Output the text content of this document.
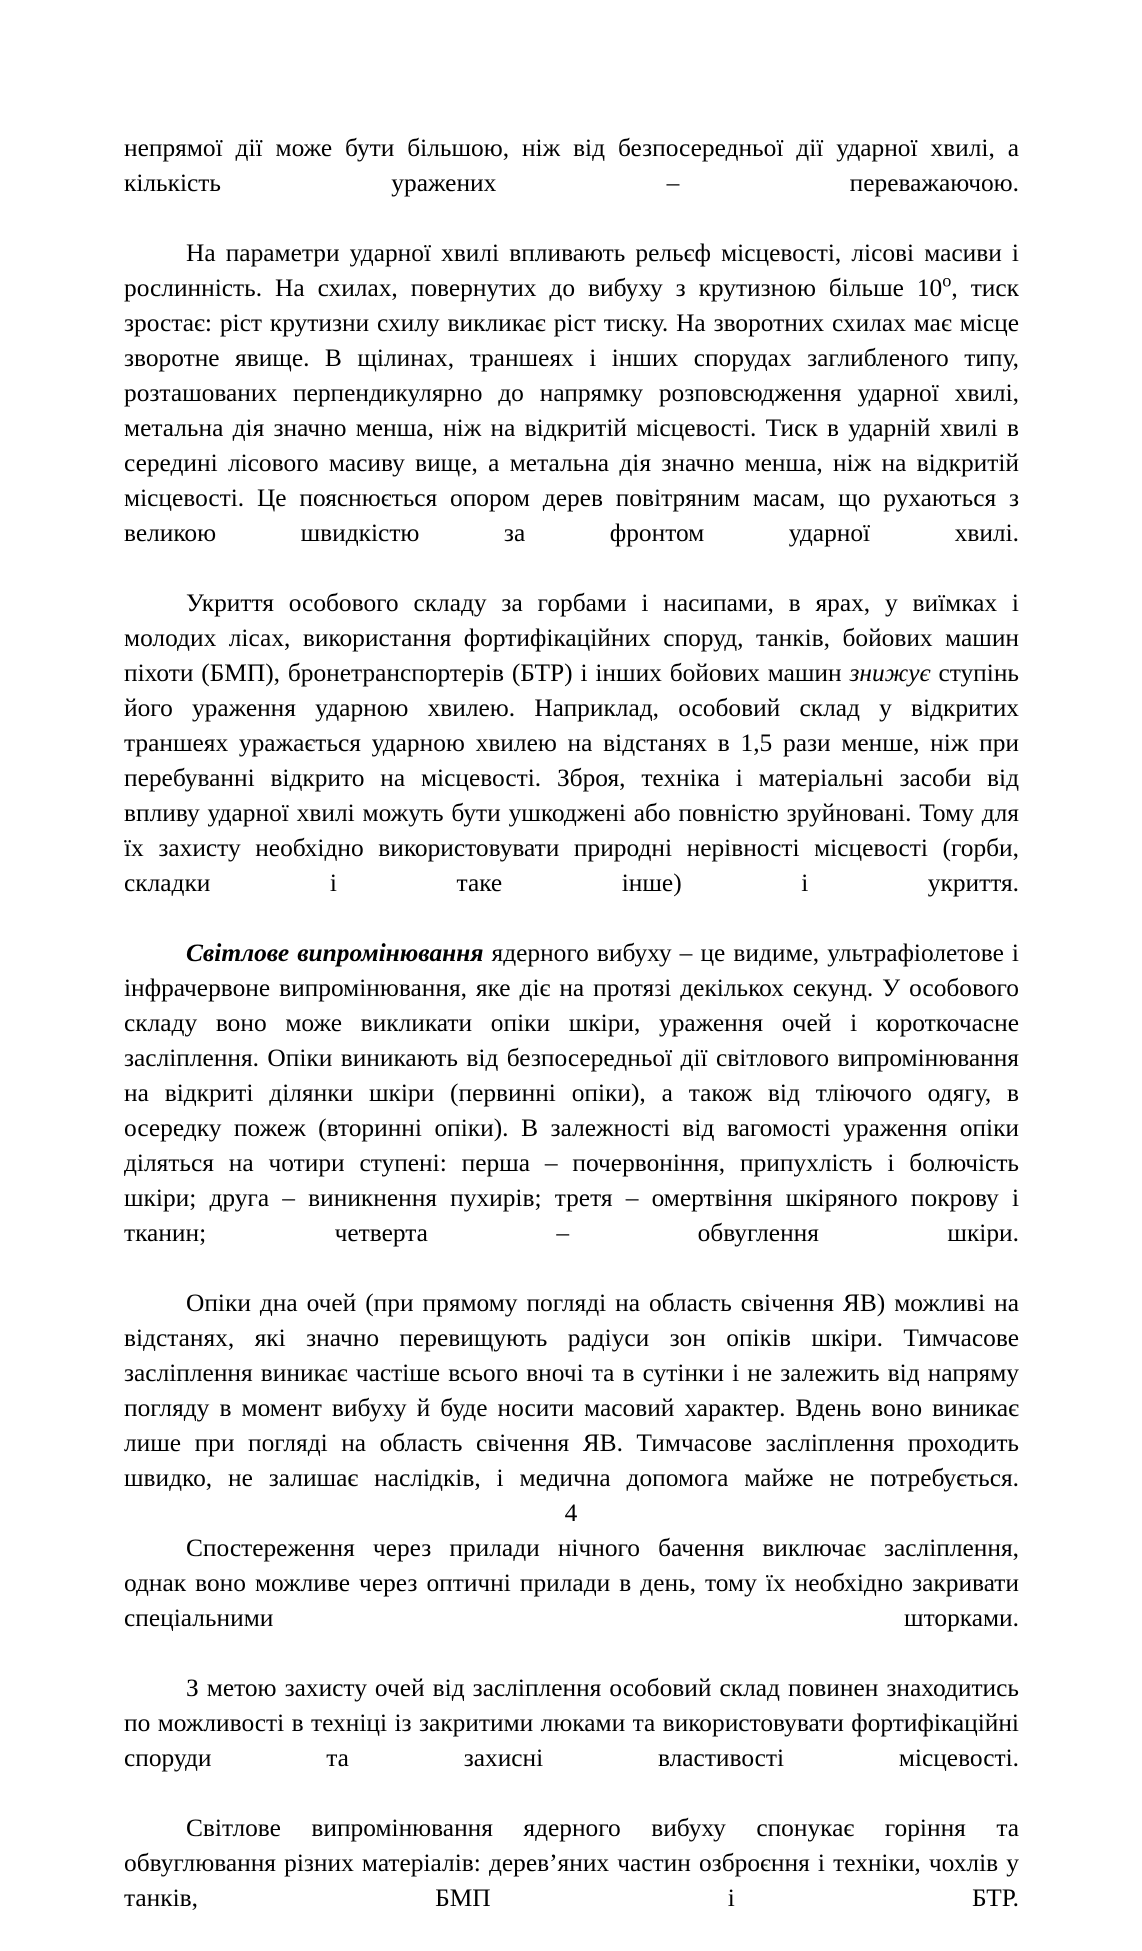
непрямої дії може бути більшою, ніж від безпосередньої дії ударної хвилі, а кількість уражених – переважаючою.

На параметри ударної хвилі впливають рельєф місцевості, лісові масиви і рослинність. На схилах, повернутих до вибуху з крутизною більше $10^о$, тиск зростає: ріст крутизни схилу викликає ріст тиску. На зворотних схилах має місце зворотне явище. В щілинах, траншеях і інших спорудах заглибленого типу, розташованих перпендикулярно до напрямку розповсюдження ударної хвилі, метальна дія значно менша, ніж на відкритій місцевості. Тиск в ударній хвилі в середині лісового масиву вище, а метальна дія значно менша, ніж на відкритій місцевості. Це пояснюється опором дерев повітряним масам, що рухаються з великою швидкістю за фронтом ударної хвилі.

Укриття особового складу за горбами і насипами, в ярах, у виїмках і молодих лісах, використання фортифікаційних споруд, танків, бойових машин піхоти (БМП), бронетранспортерів (БТР) і інших бойових машин знижує ступінь його ураження ударною хвилею. Наприклад, особовий склад у відкритих траншеях уражається ударною хвилею на відстанях в 1,5 рази менше, ніж при перебуванні відкрито на місцевості. Зброя, техніка і матеріальні засоби від впливу ударної хвилі можуть бути ушкоджені або повністю зруйновані. Тому для їх захисту необхідно використовувати природні нерівності місцевості (горби, складки і таке інше) і укриття.

Світлове випромінювання ядерного вибуху – це видиме, ультрафіолетове і інфрачервоне випромінювання, яке діє на протязі декількох секунд. У особового складу воно може викликати опіки шкіри, ураження очей і короткочасне засліплення. Опіки виникають від безпосередньої дії світлового випромінювання на відкриті ділянки шкіри (первинні опіки), а також від тліючого одягу, в осередку пожеж (вторинні опіки). В залежності від вагомості ураження опіки діляться на чотири ступені: перша – почервоніння, припухлість і болючість шкіри; друга – виникнення пухирів; третя – омертвіння шкіряного покрову і тканин; четверта – обвуглення шкіри.

Опіки дна очей (при прямому погляді на область свічення ЯВ) можливі на відстанях, які значно перевищують радіуси зон опіків шкіри. Тимчасове засліплення виникає частіше всього вночі та в сутінки і не залежить від напряму погляду в момент вибуху й буде носити масовий характер. Вдень воно виникає лише при погляді на область свічення ЯВ. Тимчасове засліплення проходить швидко, не залишає наслідків, і медична допомога майже не потребується.

Спостереження через прилади нічного бачення виключає засліплення, однак воно можливе через оптичні прилади в день, тому їх необхідно закривати спеціальними шторками.

З метою захисту очей від засліплення особовий склад повинен знаходитись по можливості в техніці із закритими люками та використовувати фортифікаційні споруди та захисні властивості місцевості.

Світлове випромінювання ядерного вибуху спонукає горіння та обвуглювання різних матеріалів: дерев’яних частин озброєння і техніки, чохлів у танків, БМП і БТР.

4
